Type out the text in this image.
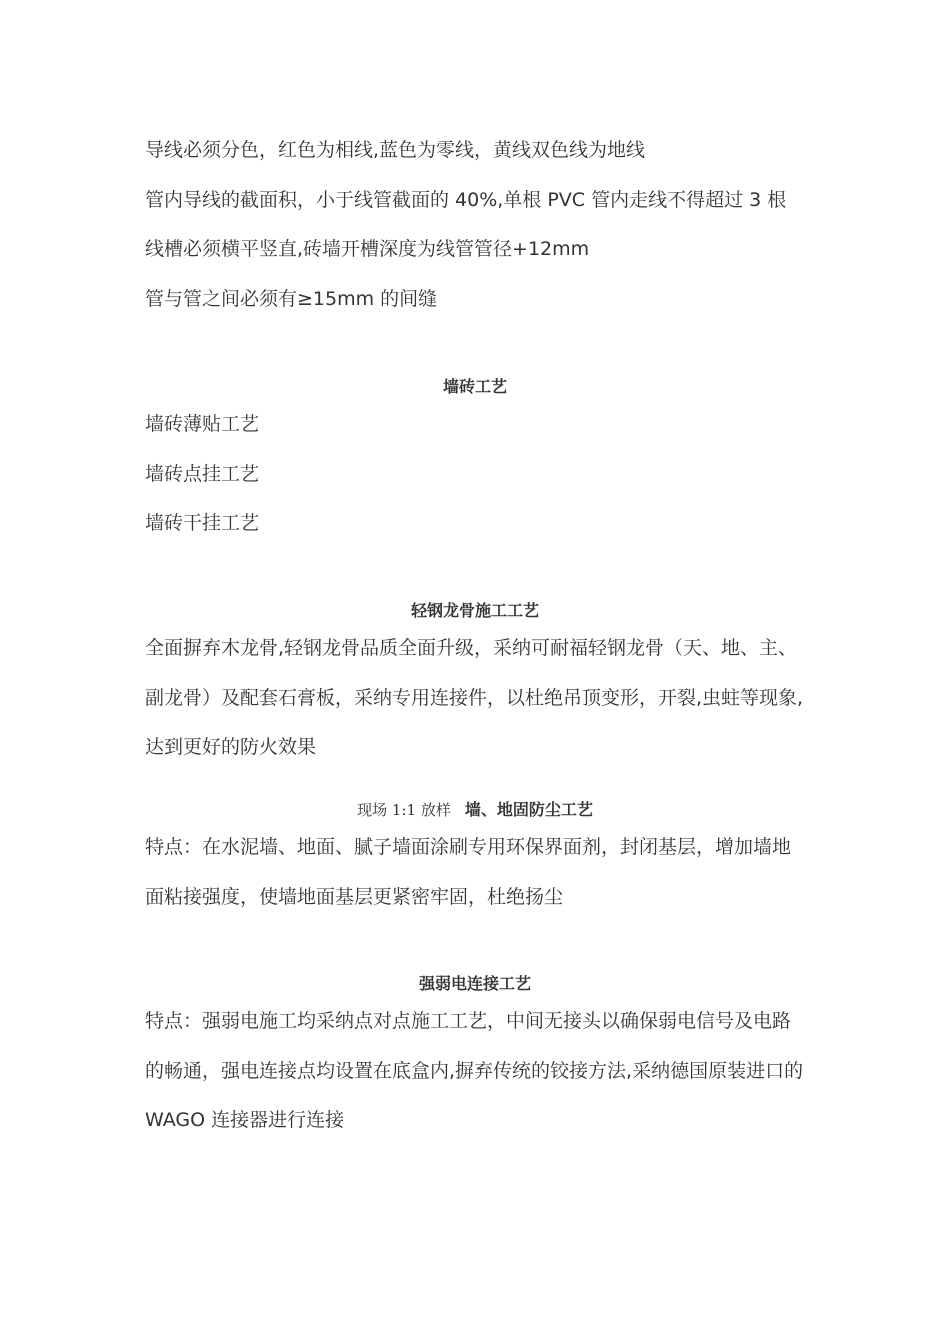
导线必须分色，红色为相线,蓝色为零线，黄线双色线为地线
管内导线的截面积，小于线管截面的 40%,单根 PVC 管内走线不得超过 3 根
线槽必须横平竖直,砖墙开槽深度为线管管径+12mm
管与管之间必须有≥15mm 的间缝
墙砖工艺
墙砖薄贴工艺
墙砖点挂工艺
墙砖干挂工艺
轻钢龙骨施工工艺
全面摒弃木龙骨,轻钢龙骨品质全面升级，采纳可耐福轻钢龙骨（天、地、主、
副龙骨）及配套石膏板，采纳专用连接件，以杜绝吊顶变形，开裂,虫蛀等现象,
达到更好的防火效果
现场 1:1 放样 墙、地固防尘工艺
特点：在水泥墙、地面、腻子墙面涂刷专用环保界面剂，封闭基层，增加墙地
面粘接强度，使墙地面基层更紧密牢固，杜绝扬尘
强弱电连接工艺
特点：强弱电施工均采纳点对点施工工艺，中间无接头以确保弱电信号及电路
的畅通，强电连接点均设置在底盒内,摒弃传统的铰接方法,采纳德国原装进口的
WAGO 连接器进行连接
